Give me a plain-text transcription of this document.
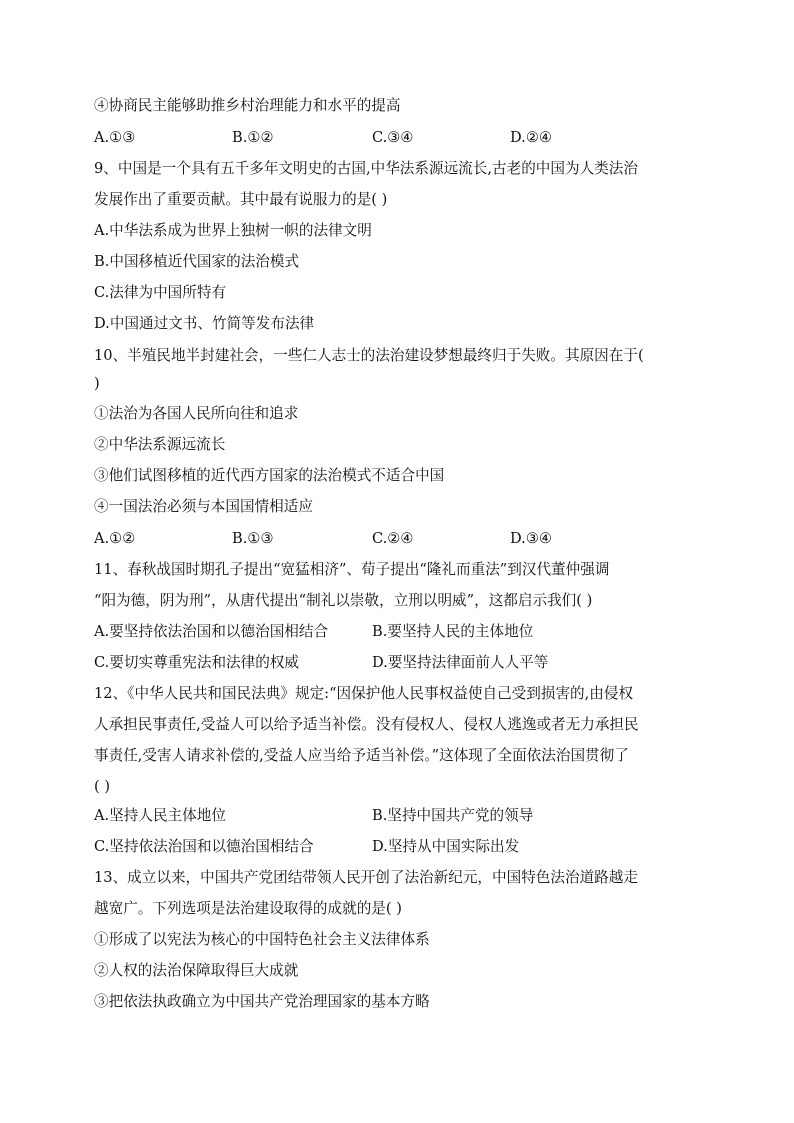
④协商民主能够助推乡村治理能力和水平的提高
A.①③	B.①②	C.③④	D.②④
9、中国是一个具有五千多年文明史的古国,中华法系源远流长,古老的中国为人类法治
发展作出了重要贡献。其中最有说服力的是( )
A.中华法系成为世界上独树一帜的法律文明
B.中国移植近代国家的法治模式
C.法律为中国所特有
D.中国通过文书、竹简等发布法律
10、半殖民地半封建社会，一些仁人志士的法治建设梦想最终归于失败。其原因在于(
)
①法治为各国人民所向往和追求
②中华法系源远流长
③他们试图移植的近代西方国家的法治模式不适合中国
④一国法治必须与本国国情相适应
A.①②	B.①③	C.②④	D.③④
11、春秋战国时期孔子提出“宽猛相济”、荀子提出“隆礼而重法”到汉代董仲强调
“阳为德，阴为刑”，从唐代提出“制礼以崇敬，立刑以明威”，这都启示我们( )
A.要坚持依法治国和以德治国相结合	B.要坚持人民的主体地位
C.要切实尊重宪法和法律的权威	D.要坚持法律面前人人平等
12、《中华人民共和国民法典》规定:“因保护他人民事权益使自己受到损害的,由侵权
人承担民事责任,受益人可以给予适当补偿。没有侵权人、侵权人逃逸或者无力承担民
事责任,受害人请求补偿的,受益人应当给予适当补偿。”这体现了全面依法治国贯彻了
( )
A.坚持人民主体地位	B.坚持中国共产党的领导
C.坚持依法治国和以德治国相结合	D.坚持从中国实际出发
13、成立以来，中国共产党团结带领人民开创了法治新纪元，中国特色法治道路越走
越宽广。下列选项是法治建设取得的成就的是( )
①形成了以宪法为核心的中国特色社会主义法律体系
②人权的法治保障取得巨大成就
③把依法执政确立为中国共产党治理国家的基本方略
